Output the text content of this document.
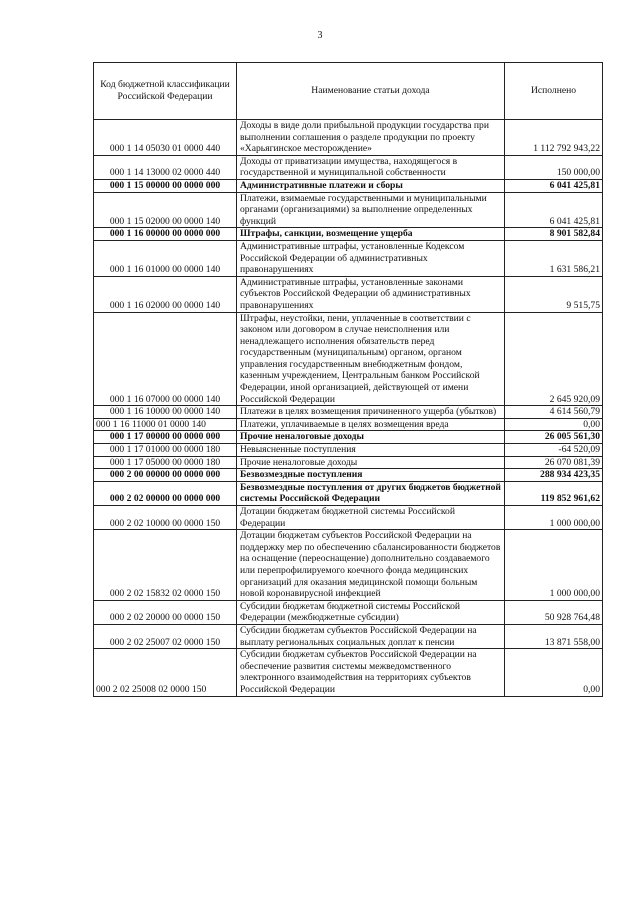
3
Код бюджетной классификации Российской Федерации	Наименование статьи дохода	Исполнено
000 1 14 05030 01 0000 440	Доходы в виде доли прибыльной продукции государства при выполнении соглашения о разделе продукции по проекту «Харьягинское месторождение»	1 112 792 943,22
000 1 14 13000 02 0000 440	Доходы от приватизации имущества, находящегося в государственной и муниципальной собственности	150 000,00
000 1 15 00000 00 0000 000	Административные платежи и сборы	6 041 425,81
000 1 15 02000 00 0000 140	Платежи, взимаемые государственными и муниципальными органами (организациями) за выполнение определенных функций	6 041 425,81
000 1 16 00000 00 0000 000	Штрафы, санкции, возмещение ущерба	8 901 582,84
000 1 16 01000 00 0000 140	Административные штрафы, установленные Кодексом Российской Федерации об административных правонарушениях	1 631 586,21
000 1 16 02000 00 0000 140	Административные штрафы, установленные законами субъектов Российской Федерации об административных правонарушениях	9 515,75
000 1 16 07000 00 0000 140	Штрафы, неустойки, пени, уплаченные в соответствии с законом или договором в случае неисполнения или ненадлежащего исполнения обязательств перед государственным (муниципальным) органом, органом управления государственным внебюджетным фондом, казенным учреждением, Центральным банком Российской Федерации, иной организацией, действующей от имени Российской Федерации	2 645 920,09
000 1 16 10000 00 0000 140	Платежи в целях возмещения причиненного ущерба (убытков)	4 614 560,79
000 1 16 11000 01 0000 140	Платежи, уплачиваемые в целях возмещения вреда	0,00
000 1 17 00000 00 0000 000	Прочие неналоговые доходы	26 005 561,30
000 1 17 01000 00 0000 180	Невыясненные поступления	-64 520,09
000 1 17 05000 00 0000 180	Прочие неналоговые доходы	26 070 081,39
000 2 00 00000 00 0000 000	Безвозмездные поступления	288 934 423,35
000 2 02 00000 00 0000 000	Безвозмездные поступления от других бюджетов бюджетной системы Российской Федерации	119 852 961,62
000 2 02 10000 00 0000 150	Дотации бюджетам бюджетной системы Российской Федерации	1 000 000,00
000 2 02 15832 02 0000 150	Дотации бюджетам субъектов Российской Федерации на поддержку мер по обеспечению сбалансированности бюджетов на оснащение (переоснащение) дополнительно создаваемого или перепрофилируемого коечного фонда медицинских организаций для оказания медицинской помощи больным новой коронавирусной инфекцией	1 000 000,00
000 2 02 20000 00 0000 150	Субсидии бюджетам бюджетной системы Российской Федерации (межбюджетные субсидии)	50 928 764,48
000 2 02 25007 02 0000 150	Субсидии бюджетам субъектов Российской Федерации на выплату региональных социальных доплат к пенсии	13 871 558,00
000 2 02 25008 02 0000 150	Субсидии бюджетам субъектов Российской Федерации на обеспечение развития системы межведомственного электронного взаимодействия на территориях субъектов Российской Федерации	0,00
